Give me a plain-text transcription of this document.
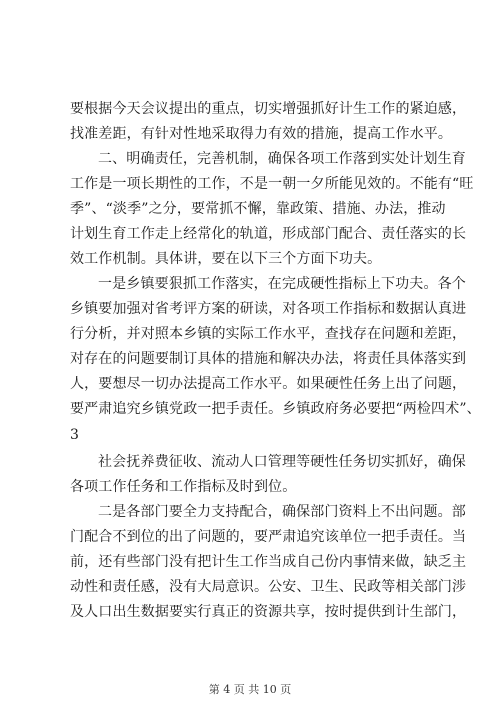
要根据今天会议提出的重点，切实增强抓好计生工作的紧迫感，
找准差距，有针对性地采取得力有效的措施，提高工作水平。
二、明确责任，完善机制，确保各项工作落到实处计划生育
工作是一项长期性的工作，不是一朝一夕所能见效的。不能有“旺
季”、“淡季”之分，要常抓不懈，靠政策、措施、办法，推动
计划生育工作走上经常化的轨道，形成部门配合、责任落实的长
效工作机制。具体讲，要在以下三个方面下功夫。
一是乡镇要狠抓工作落实，在完成硬性指标上下功夫。各个
乡镇要加强对省考评方案的研读，对各项工作指标和数据认真进
行分析，并对照本乡镇的实际工作水平，查找存在问题和差距，
对存在的问题要制订具体的措施和解决办法，将责任具体落实到
人，要想尽一切办法提高工作水平。如果硬性任务上出了问题，
要严肃追究乡镇党政一把手责任。乡镇政府务必要把“两检四术”、
3
社会抚养费征收、流动人口管理等硬性任务切实抓好，确保
各项工作任务和工作指标及时到位。
二是各部门要全力支持配合，确保部门资料上不出问题。部
门配合不到位的出了问题的，要严肃追究该单位一把手责任。当
前，还有些部门没有把计生工作当成自己份内事情来做，缺乏主
动性和责任感，没有大局意识。公安、卫生、民政等相关部门涉
及人口出生数据要实行真正的资源共享，按时提供到计生部门，
第 4 页 共 10 页
